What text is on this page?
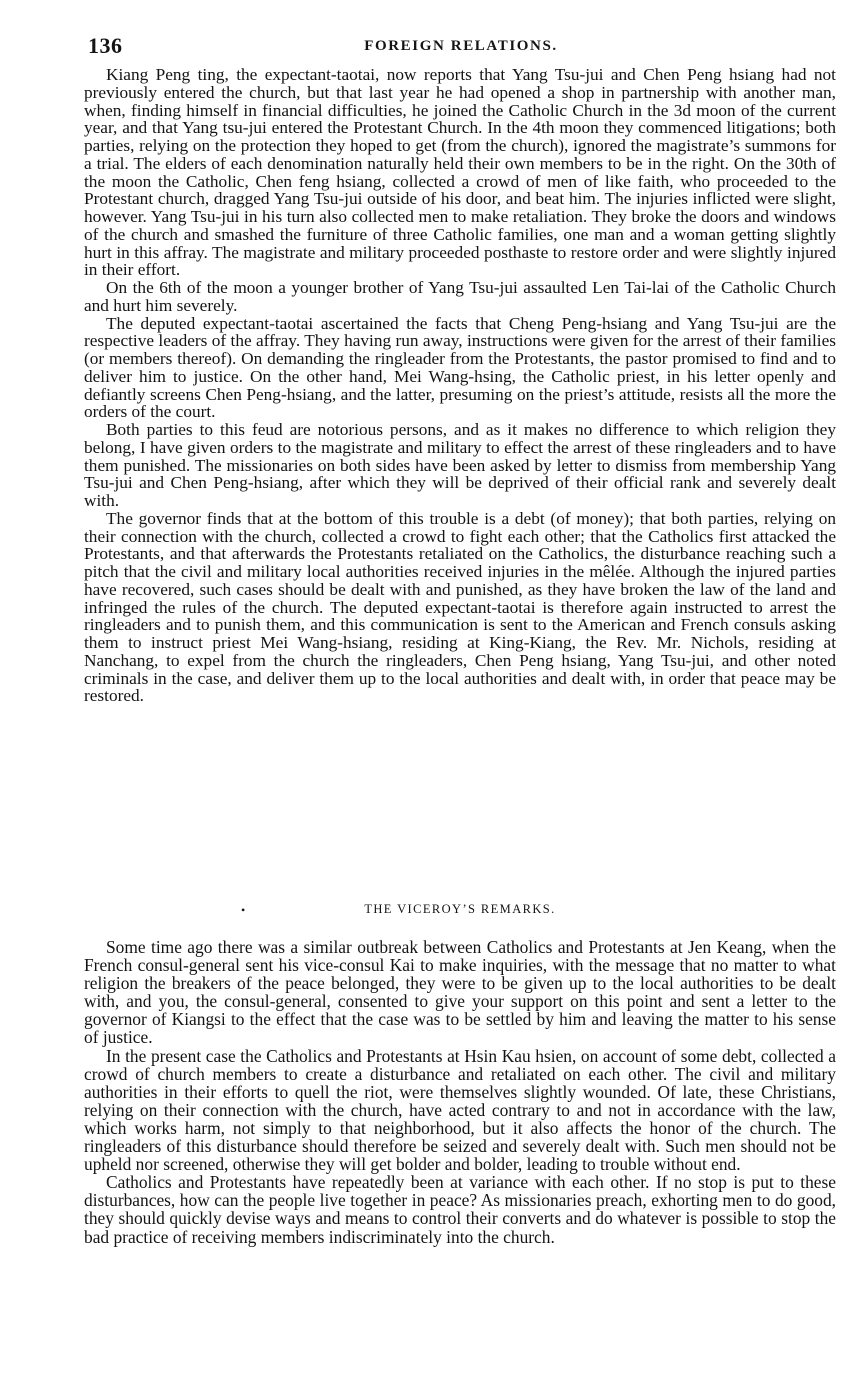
136	FOREIGN RELATIONS.

Kiang Peng ting, the expectant-taotai, now reports that Yang Tsu-jui and Chen Peng hsiang had not previously entered the church, but that last year he had opened a shop in partnership with another man, when, finding himself in financial difficulties, he joined the Catholic Church in the 3d moon of the current year, and that Yang tsu-jui entered the Protestant Church. In the 4th moon they commenced litigations; both parties, relying on the protection they hoped to get (from the church), ignored the magistrate’s summons for a trial. The elders of each denomination naturally held their own members to be in the right. On the 30th of the moon the Catholic, Chen feng hsiang, collected a crowd of men of like faith, who proceeded to the Protestant church, dragged Yang Tsu-jui outside of his door, and beat him. The injuries inflicted were slight, however. Yang Tsu-jui in his turn also collected men to make retaliation. They broke the doors and windows of the church and smashed the furniture of three Catholic families, one man and a woman getting slightly hurt in this affray. The magistrate and military proceeded posthaste to restore order and were slightly injured in their effort.

On the 6th of the moon a younger brother of Yang Tsu-jui assaulted Len Tai-lai of the Catholic Church and hurt him severely.

The deputed expectant-taotai ascertained the facts that Cheng Peng-hsiang and Yang Tsu-jui are the respective leaders of the affray. They having run away, instructions were given for the arrest of their families (or members thereof). On demanding the ringleader from the Protestants, the pastor promised to find and to deliver him to justice. On the other hand, Mei Wang-hsing, the Catholic priest, in his letter openly and defiantly screens Chen Peng-hsiang, and the latter, presuming on the priest’s attitude, resists all the more the orders of the court.

Both parties to this feud are notorious persons, and as it makes no difference to which religion they belong, I have given orders to the magistrate and military to effect the arrest of these ringleaders and to have them punished. The missionaries on both sides have been asked by letter to dismiss from membership Yang Tsu-jui and Chen Peng-hsiang, after which they will be deprived of their official rank and severely dealt with.

The governor finds that at the bottom of this trouble is a debt (of money); that both parties, relying on their connection with the church, collected a crowd to fight each other; that the Catholics first attacked the Protestants, and that afterwards the Protestants retaliated on the Catholics, the disturbance reaching such a pitch that the civil and military local authorities received injuries in the mêlée. Although the injured parties have recovered, such cases should be dealt with and punished, as they have broken the law of the land and infringed the rules of the church. The deputed expectant-taotai is therefore again instructed to arrest the ringleaders and to punish them, and this communication is sent to the American and French consuls asking them to instruct priest Mei Wang-hsiang, residing at King-Kiang, the Rev. Mr. Nichols, residing at Nanchang, to expel from the church the ringleaders, Chen Peng hsiang, Yang Tsu-jui, and other noted criminals in the case, and deliver them up to the local authorities and dealt with, in order that peace may be restored.

•	THE VICEROY’S REMARKS.

Some time ago there was a similar outbreak between Catholics and Protestants at Jen Keang, when the French consul-general sent his vice-consul Kai to make inquiries, with the message that no matter to what religion the breakers of the peace belonged, they were to be given up to the local authorities to be dealt with, and you, the consul-general, consented to give your support on this point and sent a letter to the governor of Kiangsi to the effect that the case was to be settled by him and leaving the matter to his sense of justice.

In the present case the Catholics and Protestants at Hsin Kau hsien, on account of some debt, collected a crowd of church members to create a disturbance and retaliated on each other. The civil and military authorities in their efforts to quell the riot, were themselves slightly wounded. Of late, these Christians, relying on their connection with the church, have acted contrary to and not in accordance with the law, which works harm, not simply to that neighborhood, but it also affects the honor of the church. The ringleaders of this disturbance should therefore be seized and severely dealt with. Such men should not be upheld nor screened, otherwise they will get bolder and bolder, leading to trouble without end.

Catholics and Protestants have repeatedly been at variance with each other. If no stop is put to these disturbances, how can the people live together in peace? As missionaries preach, exhorting men to do good, they should quickly devise ways and means to control their converts and do whatever is possible to stop the bad practice of receiving members indiscriminately into the church.
